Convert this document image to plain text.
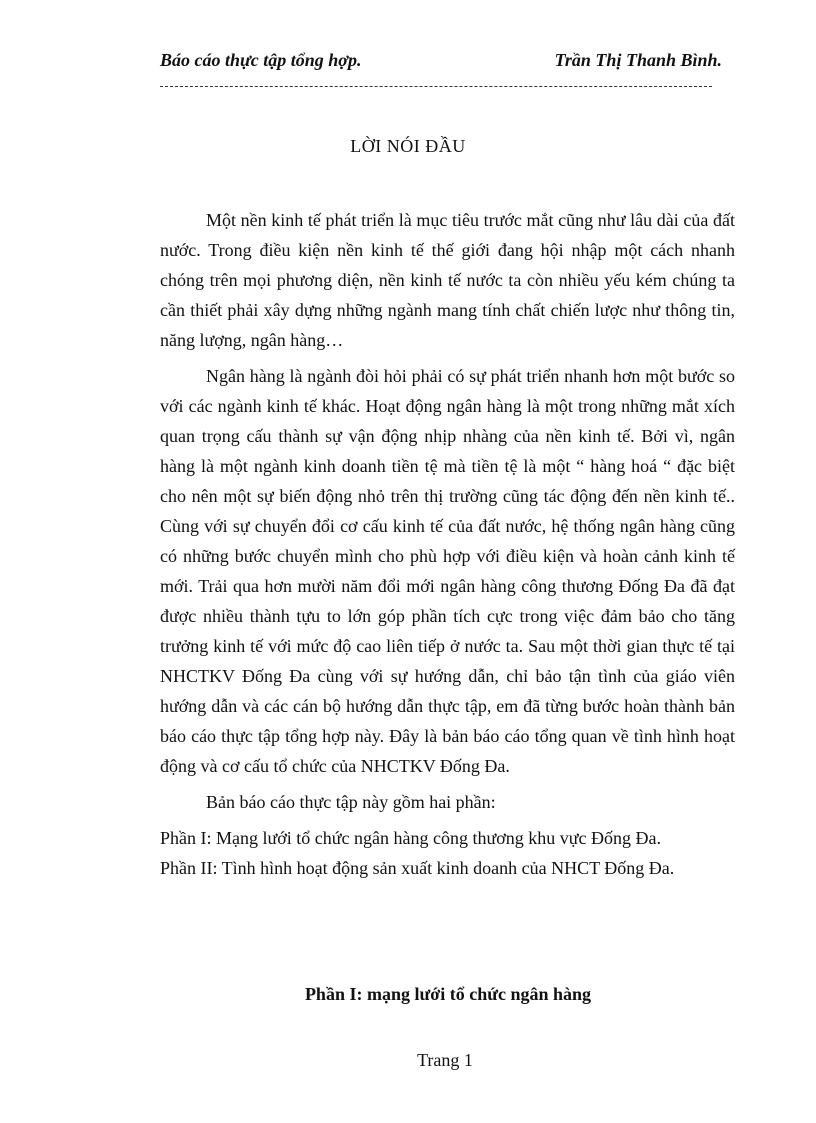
Báo cáo thực tập tổng hợp.	Trần Thị Thanh Bình.
LỜI NÓI ĐẦU

Một nền kinh tế phát triển là mục tiêu trước mắt cũng như lâu dài của đất nước. Trong điều kiện nền kinh tế thế giới đang hội nhập một cách nhanh chóng trên mọi phương diện, nền kinh tế nước ta còn nhiều yếu kém chúng ta cần thiết phải xây dựng những ngành mang tính chất chiến lược như thông tin, năng lượng, ngân hàng…

Ngân hàng là ngành đòi hỏi phải có sự phát triển nhanh hơn một bước so với các ngành kinh tế khác. Hoạt động ngân hàng là một trong những mắt xích quan trọng cấu thành sự vận động nhịp nhàng của nền kinh tế. Bởi vì, ngân hàng là một ngành kinh doanh tiền tệ mà tiền tệ là một “ hàng hoá “ đặc biệt cho nên một sự biến động nhỏ trên thị trường cũng tác động đến nền kinh tế.. Cùng với sự chuyển đổi cơ cấu kinh tế của đất nước, hệ thống ngân hàng cũng có những bước chuyển mình cho phù hợp với điều kiện và hoàn cảnh kinh tế mới. Trải qua hơn mười năm đổi mới ngân hàng công thương Đống Đa đã đạt được nhiều thành tựu to lớn góp phần tích cực trong việc đảm bảo cho tăng trưởng kinh tế với mức độ cao liên tiếp ở nước ta. Sau một thời gian thực tế tại NHCTKV Đống Đa cùng với sự hướng dẫn, chỉ bảo tận tình của giáo viên hướng dẫn và các cán bộ hướng dẫn thực tập, em đã từng bước hoàn thành bản báo cáo thực tập tổng hợp này. Đây là bản báo cáo tổng quan về tình hình hoạt động và cơ cấu tổ chức của NHCTKV Đống Đa.

Bản báo cáo thực tập này gồm hai phần:

Phần I: Mạng lưới tổ chức ngân hàng công thương khu vực Đống Đa.

Phần II: Tình hình hoạt động sản xuất kinh doanh của NHCT Đống Đa.

Phần I: mạng lưới tổ chức ngân hàng
Trang 1
